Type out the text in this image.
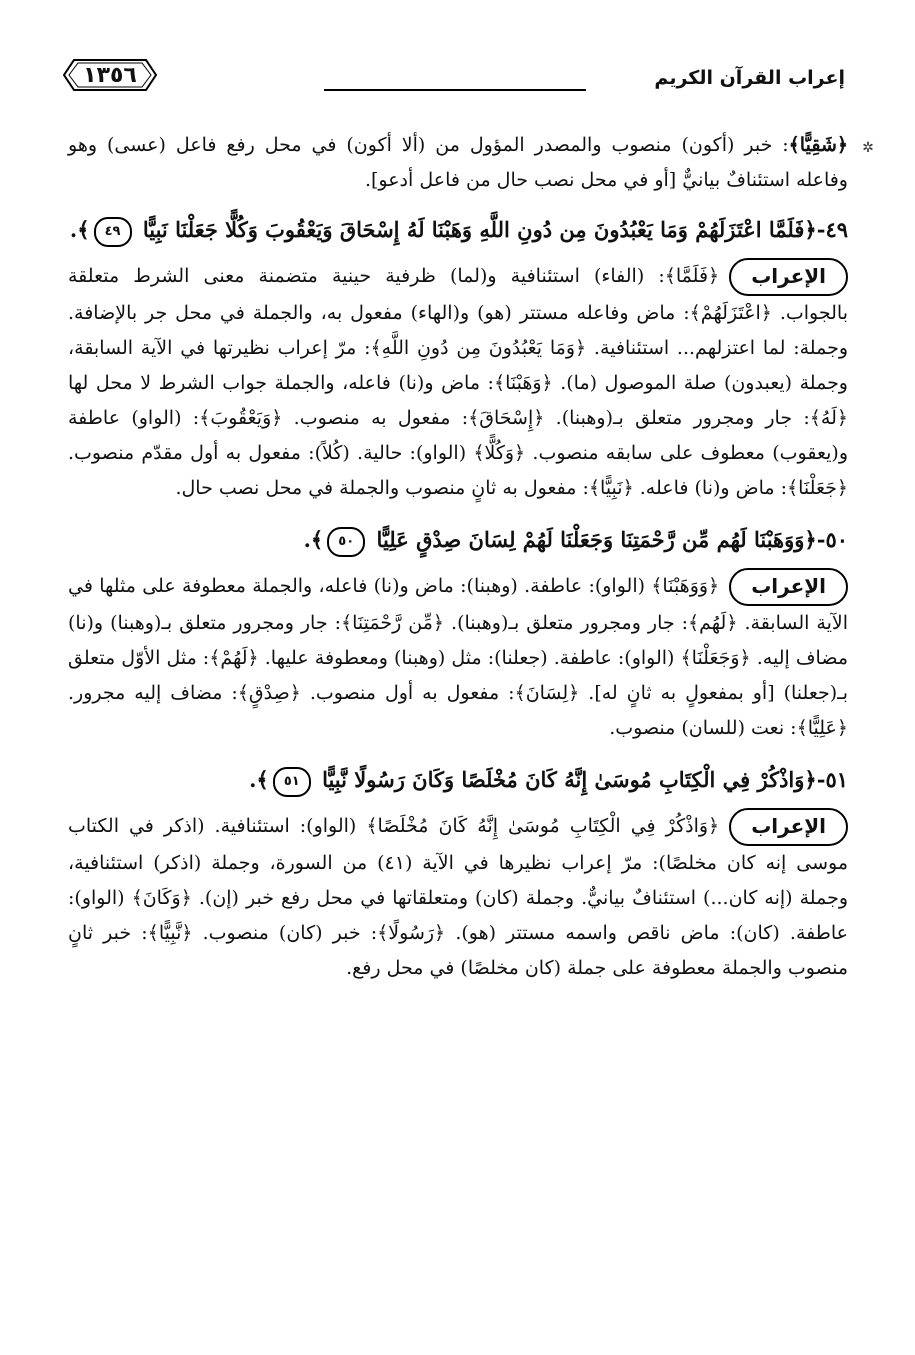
١٣٥٦	إعراب القرآن الكريم
✲

﴿شَقِيًّا﴾: خبر (أكون) منصوب والمصدر المؤول من (ألا أكون) في محل رفع فاعل (عسى) وهو وفاعله استئنافٌ بيانيٌّ [أو في محل نصب حال من فاعل أدعو].

٤٩-﴿فَلَمَّا اعْتَزَلَهُمْ وَمَا يَعْبُدُونَ مِن دُونِ اللَّهِ وَهَبْنَا لَهُ إِسْحَاقَ وَيَعْقُوبَ وَكُلًّا جَعَلْنَا نَبِيًّا ٤٩﴾.

الإعراب﴿فَلَمَّا﴾: (الفاء) استئنافية و(لما) ظرفية حينية متضمنة معنى الشرط متعلقة بالجواب. ﴿اعْتَزَلَهُمْ﴾: ماض وفاعله مستتر (هو) و(الهاء) مفعول به، والجملة في محل جر بالإضافة. وجملة: لما اعتزلهم... استئنافية. ﴿وَمَا يَعْبُدُونَ مِن دُونِ اللَّهِ﴾: مرّ إعراب نظيرتها في الآية السابقة، وجملة (يعبدون) صلة الموصول (ما). ﴿وَهَبْنَا﴾: ماض و(نا) فاعله، والجملة جواب الشرط لا محل لها ﴿لَهُ﴾: جار ومجرور متعلق بـ(وهبنا). ﴿إِسْحَاقَ﴾: مفعول به منصوب. ﴿وَيَعْقُوبَ﴾: (الواو) عاطفة و(يعقوب) معطوف على سابقه منصوب. ﴿وَكُلًّا﴾ (الواو): حالية. (كُلاً): مفعول به أول مقدّم منصوب. ﴿جَعَلْنَا﴾: ماض و(نا) فاعله. ﴿نَبِيًّا﴾: مفعول به ثانٍ منصوب والجملة في محل نصب حال.

٥٠-﴿وَوَهَبْنَا لَهُم مِّن رَّحْمَتِنَا وَجَعَلْنَا لَهُمْ لِسَانَ صِدْقٍ عَلِيًّا ٥٠﴾.

الإعراب﴿وَوَهَبْنَا﴾ (الواو): عاطفة. (وهبنا): ماض و(نا) فاعله، والجملة معطوفة على مثلها في الآية السابقة. ﴿لَهُم﴾: جار ومجرور متعلق بـ(وهبنا). ﴿مِّن رَّحْمَتِنَا﴾: جار ومجرور متعلق بـ(وهبنا) و(نا) مضاف إليه. ﴿وَجَعَلْنَا﴾ (الواو): عاطفة. (جعلنا): مثل (وهبنا) ومعطوفة عليها. ﴿لَهُمْ﴾: مثل الأوّل متعلق بـ(جعلنا) [أو بمفعولٍ به ثانٍ له]. ﴿لِسَانَ﴾: مفعول به أول منصوب. ﴿صِدْقٍ﴾: مضاف إليه مجرور. ﴿عَلِيًّا﴾: نعت (للسان) منصوب.

٥١-﴿وَاذْكُرْ فِي الْكِتَابِ مُوسَىٰ إِنَّهُ كَانَ مُخْلَصًا وَكَانَ رَسُولًا نَّبِيًّا ٥١﴾.

الإعراب﴿وَاذْكُرْ فِي الْكِتَابِ مُوسَىٰ إِنَّهُ كَانَ مُخْلَصًا﴾ (الواو): استئنافية. (اذكر في الكتاب موسى إنه كان مخلصًا): مرّ إعراب نظيرها في الآية (٤١) من السورة، وجملة (اذكر) استئنافية، وجملة (إنه كان...) استئنافٌ بيانيٌّ. وجملة (كان) ومتعلقاتها في محل رفع خبر (إن). ﴿وَكَانَ﴾ (الواو): عاطفة. (كان): ماض ناقص واسمه مستتر (هو). ﴿رَسُولًا﴾: خبر (كان) منصوب. ﴿نَّبِيًّا﴾: خبر ثانٍ منصوب والجملة معطوفة على جملة (كان مخلصًا) في محل رفع.
